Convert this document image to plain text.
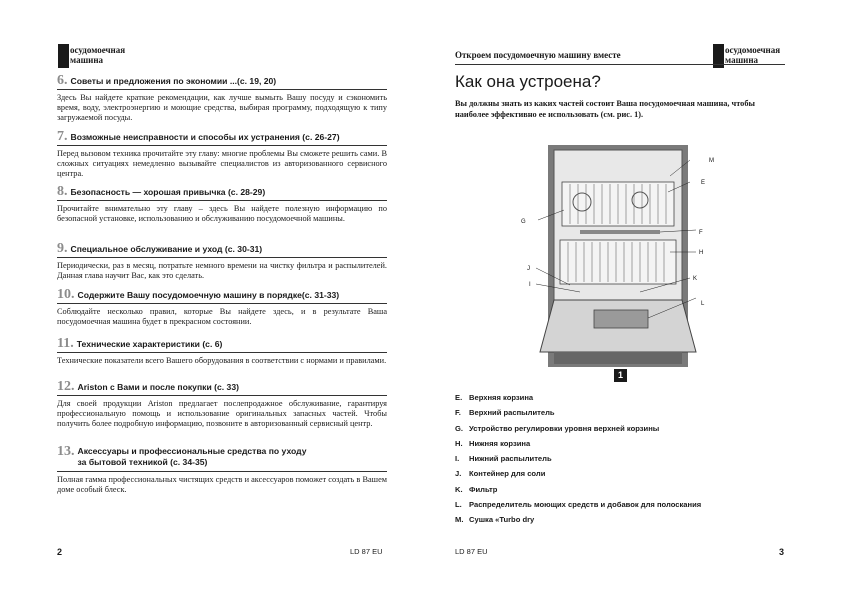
осудомоечная
машина
6. Советы и предложения по экономии ...(с. 19, 20)
Здесь Вы найдете краткие рекомендации, как лучше вымыть Вашу посуду и сэкономить время, воду, электроэнергию и моющие средства, выбирая программу, подходящую к типу загружаемой посуды.
7. Возможные неисправности и способы их устранения (с. 26-27)
Перед вызовом техника прочитайте эту главу: многие проблемы Вы сможете решить сами. В сложных ситуациях немедленно вызывайте специалистов из авторизованного сервисного центра.
8. Безопасность — хорошая привычка (с. 28-29)
Прочитайте внимательно эту главу – здесь Вы найдете полезную информацию по безопасной установке, использованию и обслуживанию посудомоечной машины.
9. Специальное обслуживание и уход (с. 30-31)
Периодически, раз в месяц, потратьте немного времени на чистку фильтра и распылителей. Данная глава научит Вас, как это сделать.
10. Содержите Вашу посудомоечную машину в порядке(с. 31-33)
Соблюдайте несколько правил, которые Вы найдете здесь, и в результате Ваша посудомоечная машина будет в прекрасном состоянии.
11. Технические характеристики (с. 6)
Технические показатели всего Вашего оборудования в соответствии с нормами и правилами.
12. Ariston с Вами и после покупки (с. 33)
Для своей продукции Ariston предлагает послепродажное обслуживание, гарантируя профессиональную помощь и использование оригинальных запасных частей. Чтобы получить более подробную информацию, позвоните в авторизованный сервисный центр.
13. Аксессуары и профессиональные средства по уходу за бытовой техникой (с. 34-35)
Полная гамма профессиональных чистящих средств и аксессуаров поможет создать в Вашем доме особый блеск.
2	LD 87 EU
Откроем посудомоечную машину вместе	осудомоечная
машина
Как она устроена?
Вы должны знать из каких частей состоит Ваша посудомоечная машина, чтобы наиболее эффективно ее использовать (см. рис. 1).
M
E
G
F
H
J
K
I
L
1
E. Верхняя корзина
F. Верхний распылитель
G. Устройство регулировки уровня верхней корзины
H. Нижняя корзина
I. Нижний распылитель
J. Контейнер для соли
K. Фильтр
L. Распределитель моющих средств и добавок для полоскания
M. Сушка «Turbo dry
LD 87 EU	3
